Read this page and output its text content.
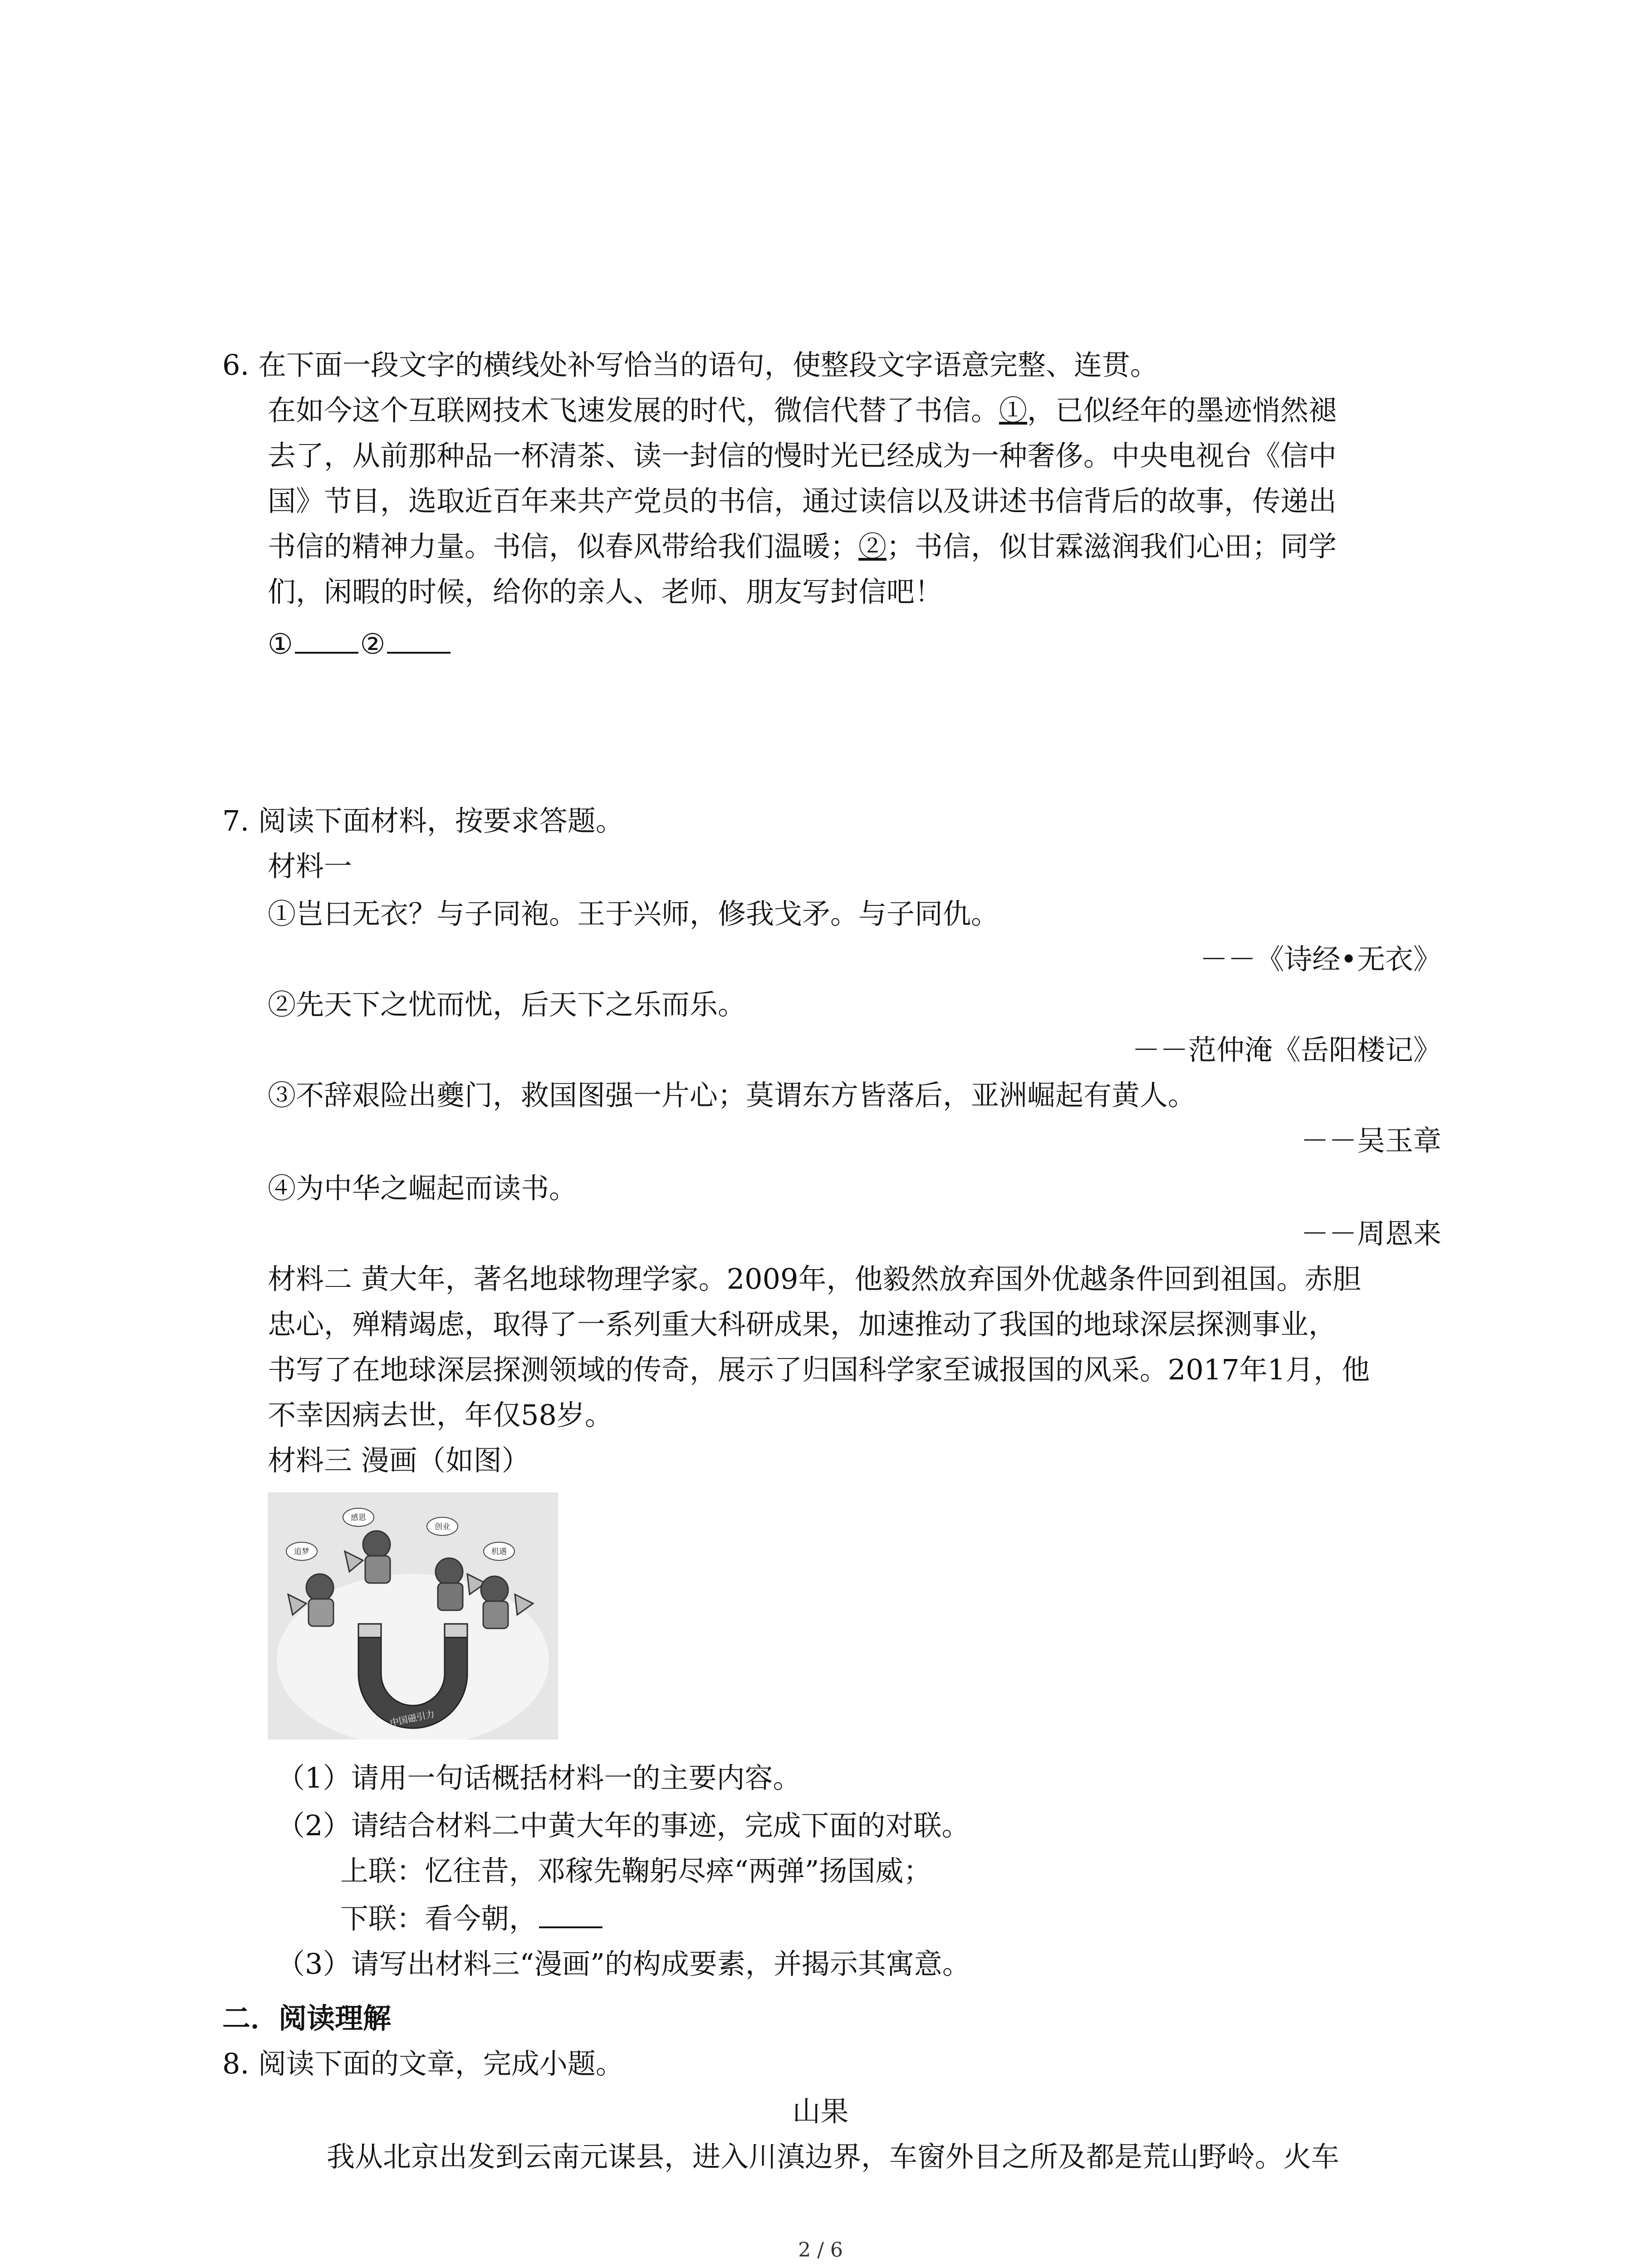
6. 在下面一段文字的横线处补写恰当的语句，使整段文字语意完整、连贯。
在如今这个互联网技术飞速发展的时代，微信代替了书信。①，已似经年的墨迹悄然褪
去了，从前那种品一杯清茶、读一封信的慢时光已经成为一种奢侈。中央电视台《信中
国》节目，选取近百年来共产党员的书信，通过读信以及讲述书信背后的故事，传递出
书信的精神力量。书信，似春风带给我们温暖；②；书信，似甘霖滋润我们心田；同学
们，闲暇的时候，给你的亲人、老师、朋友写封信吧！
① ②
7. 阅读下面材料，按要求答题。
材料一
①岂曰无衣？与子同袍。王于兴师，修我戈矛。与子同仇。
－－《诗经•无衣》
②先天下之忧而忧，后天下之乐而乐。
－－范仲淹《岳阳楼记》
③不辞艰险出夔门，救国图强一片心；莫谓东方皆落后，亚洲崛起有黄人。
－－吴玉章
④为中华之崛起而读书。
－－周恩来
材料二 黄大年，著名地球物理学家。2009年，他毅然放弃国外优越条件回到祖国。赤胆
忠心，殚精竭虑，取得了一系列重大科研成果，加速推动了我国的地球深层探测事业，
书写了在地球深层探测领域的传奇，展示了归国科学家至诚报国的风采。2017年1月，他
不幸因病去世，年仅58岁。
材料三 漫画（如图）
感恩
创业
追梦	机遇
中国磁引力
（1）请用一句话概括材料一的主要内容。
（2）请结合材料二中黄大年的事迹，完成下面的对联。
上联：忆往昔，邓稼先鞠躬尽瘁“两弹”扬国威；
下联：看今朝，
（3）请写出材料三“漫画”的构成要素，并揭示其寓意。
二．阅读理解
8. 阅读下面的文章，完成小题。
山果
我从北京出发到云南元谋县，进入川滇边界，车窗外目之所及都是荒山野岭。火车
2 / 6
